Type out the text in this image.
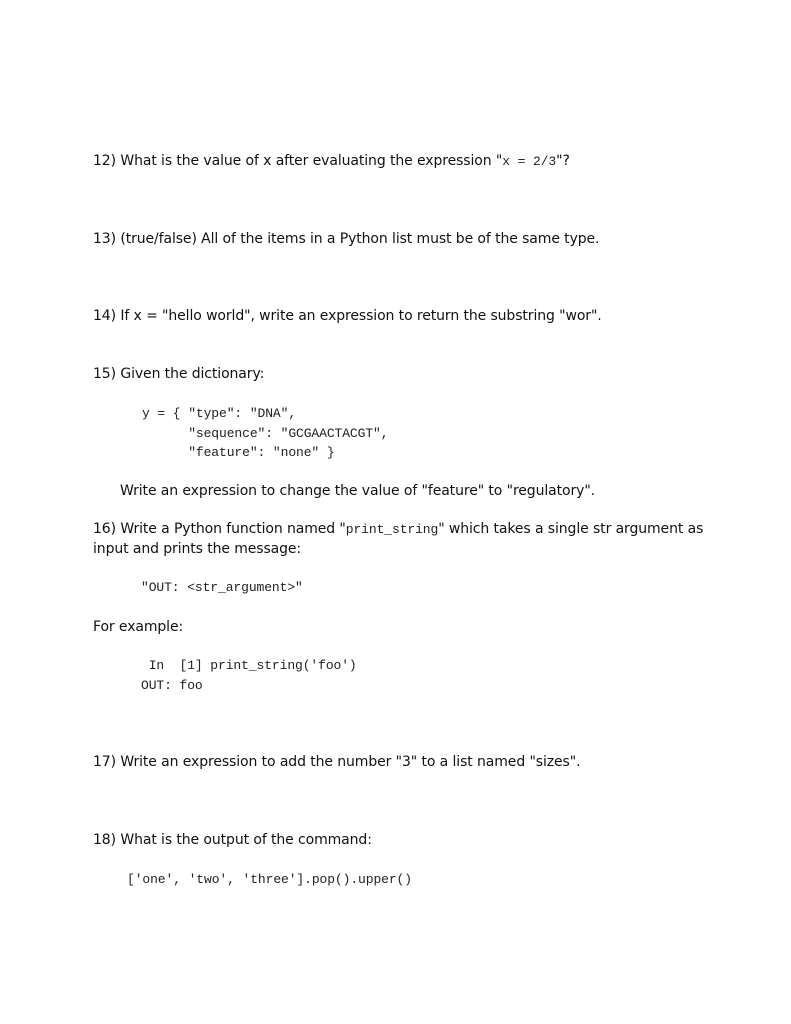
12) What is the value of x after evaluating the expression "x = 2/3"?
13) (true/false) All of the items in a Python list must be of the same type.
14) If x = "hello world", write an expression to return the substring "wor".
15) Given the dictionary:
y = { "type": "DNA",
"sequence": "GCGAACTACGT",
"feature": "none" }
Write an expression to change the value of "feature" to "regulatory".
16) Write a Python function named "print_string" which takes a single str argument as
input and prints the message:
"OUT: <str_argument>"
For example:
In  [1] print_string('foo')
OUT: foo
17) Write an expression to add the number "3" to a list named "sizes".
18) What is the output of the command:
['one', 'two', 'three'].pop().upper()
